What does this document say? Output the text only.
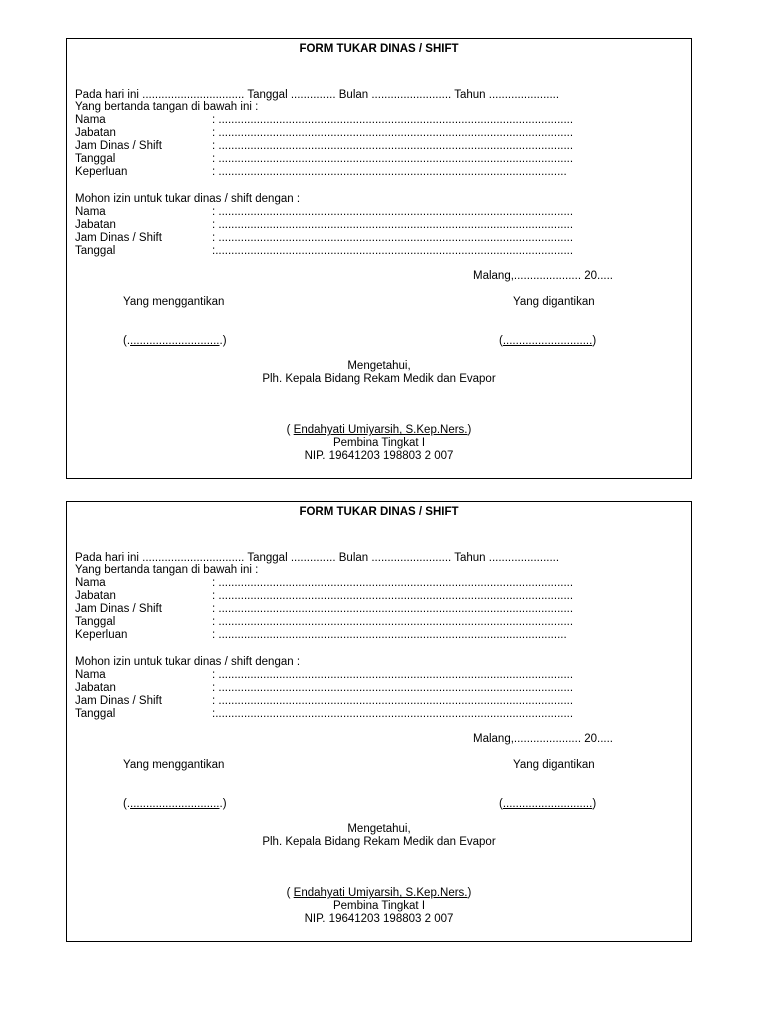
FORM TUKAR DINAS / SHIFT
Pada hari ini ................................ Tanggal .............. Bulan ......................... Tahun ......................
Yang bertanda tangan di bawah ini :
Nama	: ...............................................................................................................
Jabatan	: ...............................................................................................................
Jam Dinas / Shift	: ...............................................................................................................
Tanggal	: ...............................................................................................................
Keperluan	: .............................................................................................................
Mohon izin untuk tukar dinas / shift dengan :
Nama	: ...............................................................................................................
Jabatan	: ...............................................................................................................
Jam Dinas / Shift	: ...............................................................................................................
Tanggal	:................................................................................................................
Malang,..................... 20.....
Yang menggantikan	Yang digantikan
(..............................)	(............................)
Mengetahui,
Plh. Kepala Bidang Rekam Medik dan Evapor
( Endahyati Umiyarsih, S.Kep.Ners.)
Pembina Tingkat I
NIP. 19641203 198803 2 007
FORM TUKAR DINAS / SHIFT
Pada hari ini ................................ Tanggal .............. Bulan ......................... Tahun ......................
Yang bertanda tangan di bawah ini :
Nama	: ...............................................................................................................
Jabatan	: ...............................................................................................................
Jam Dinas / Shift	: ...............................................................................................................
Tanggal	: ...............................................................................................................
Keperluan	: .............................................................................................................
Mohon izin untuk tukar dinas / shift dengan :
Nama	: ...............................................................................................................
Jabatan	: ...............................................................................................................
Jam Dinas / Shift	: ...............................................................................................................
Tanggal	:................................................................................................................
Malang,..................... 20.....
Yang menggantikan	Yang digantikan
(..............................)	(............................)
Mengetahui,
Plh. Kepala Bidang Rekam Medik dan Evapor
( Endahyati Umiyarsih, S.Kep.Ners.)
Pembina Tingkat I
NIP. 19641203 198803 2 007
